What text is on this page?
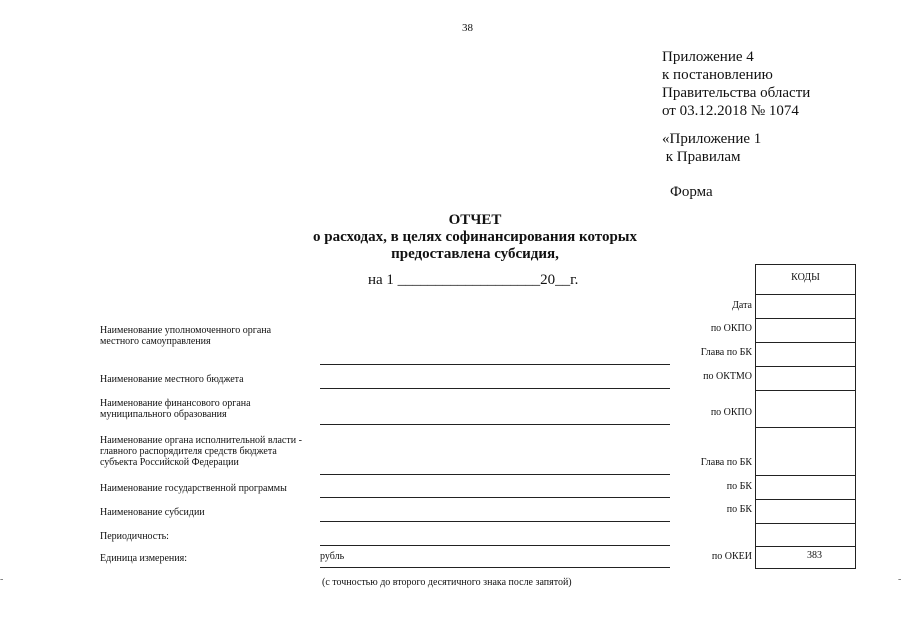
38
Приложение 4
к постановлению
Правительства области
от 03.12.2018 № 1074
«Приложение 1
к Правилам
Форма
ОТЧЕТ
о расходах, в целях софинансирования которых
предоставлена субсидия,
на 1 ___________________20__г.
Наименование уполномоченного органа
местного самоуправления
Наименование местного бюджета
Наименование финансового органа
муниципального образования
Наименование органа исполнительной власти -
главного распорядителя средств бюджета
субъекта Российской Федерации
Наименование государственной программы
Наименование субсидии
Периодичность:
Единица измерения:	рубль
(с точностью до второго десятичного знака после запятой)
Дата
по ОКПО
Глава по БК
по ОКТМО
по ОКПО
Глава по БК
по БК
по БК
по ОКЕИ
КОДЫ
383
-	-
